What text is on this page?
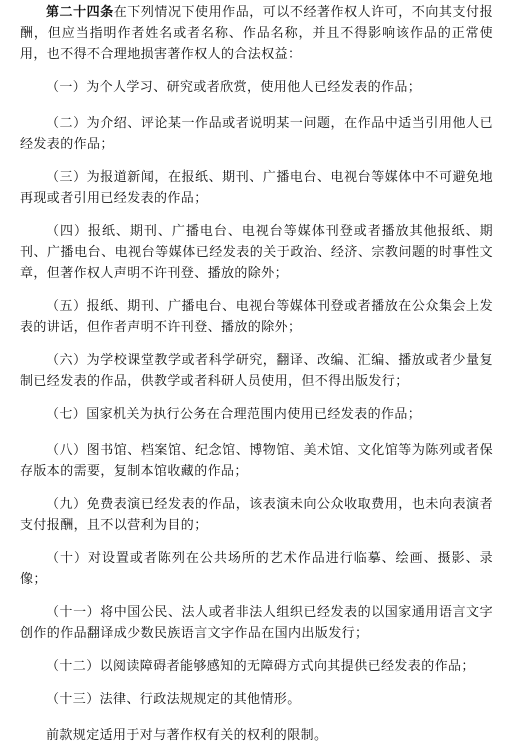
第二十四条在下列情况下使用作品，可以不经著作权人许可，不向其支付报酬，但应当指明作者姓名或者名称、作品名称，并且不得影响该作品的正常使用，也不得不合理地损害著作权人的合法权益：

（一）为个人学习、研究或者欣赏，使用他人已经发表的作品；

（二）为介绍、评论某一作品或者说明某一问题，在作品中适当引用他人已经发表的作品；

（三）为报道新闻，在报纸、期刊、广播电台、电视台等媒体中不可避免地再现或者引用已经发表的作品；

（四）报纸、期刊、广播电台、电视台等媒体刊登或者播放其他报纸、期刊、广播电台、电视台等媒体已经发表的关于政治、经济、宗教问题的时事性文章，但著作权人声明不许刊登、播放的除外；

（五）报纸、期刊、广播电台、电视台等媒体刊登或者播放在公众集会上发表的讲话，但作者声明不许刊登、播放的除外；

（六）为学校课堂教学或者科学研究，翻译、改编、汇编、播放或者少量复制已经发表的作品，供教学或者科研人员使用，但不得出版发行；

（七）国家机关为执行公务在合理范围内使用已经发表的作品；

（八）图书馆、档案馆、纪念馆、博物馆、美术馆、文化馆等为陈列或者保存版本的需要，复制本馆收藏的作品；

（九）免费表演已经发表的作品，该表演未向公众收取费用，也未向表演者支付报酬，且不以营利为目的；

（十）对设置或者陈列在公共场所的艺术作品进行临摹、绘画、摄影、录像；

（十一）将中国公民、法人或者非法人组织已经发表的以国家通用语言文字创作的作品翻译成少数民族语言文字作品在国内出版发行；

（十二）以阅读障碍者能够感知的无障碍方式向其提供已经发表的作品；

（十三）法律、行政法规规定的其他情形。

前款规定适用于对与著作权有关的权利的限制。
